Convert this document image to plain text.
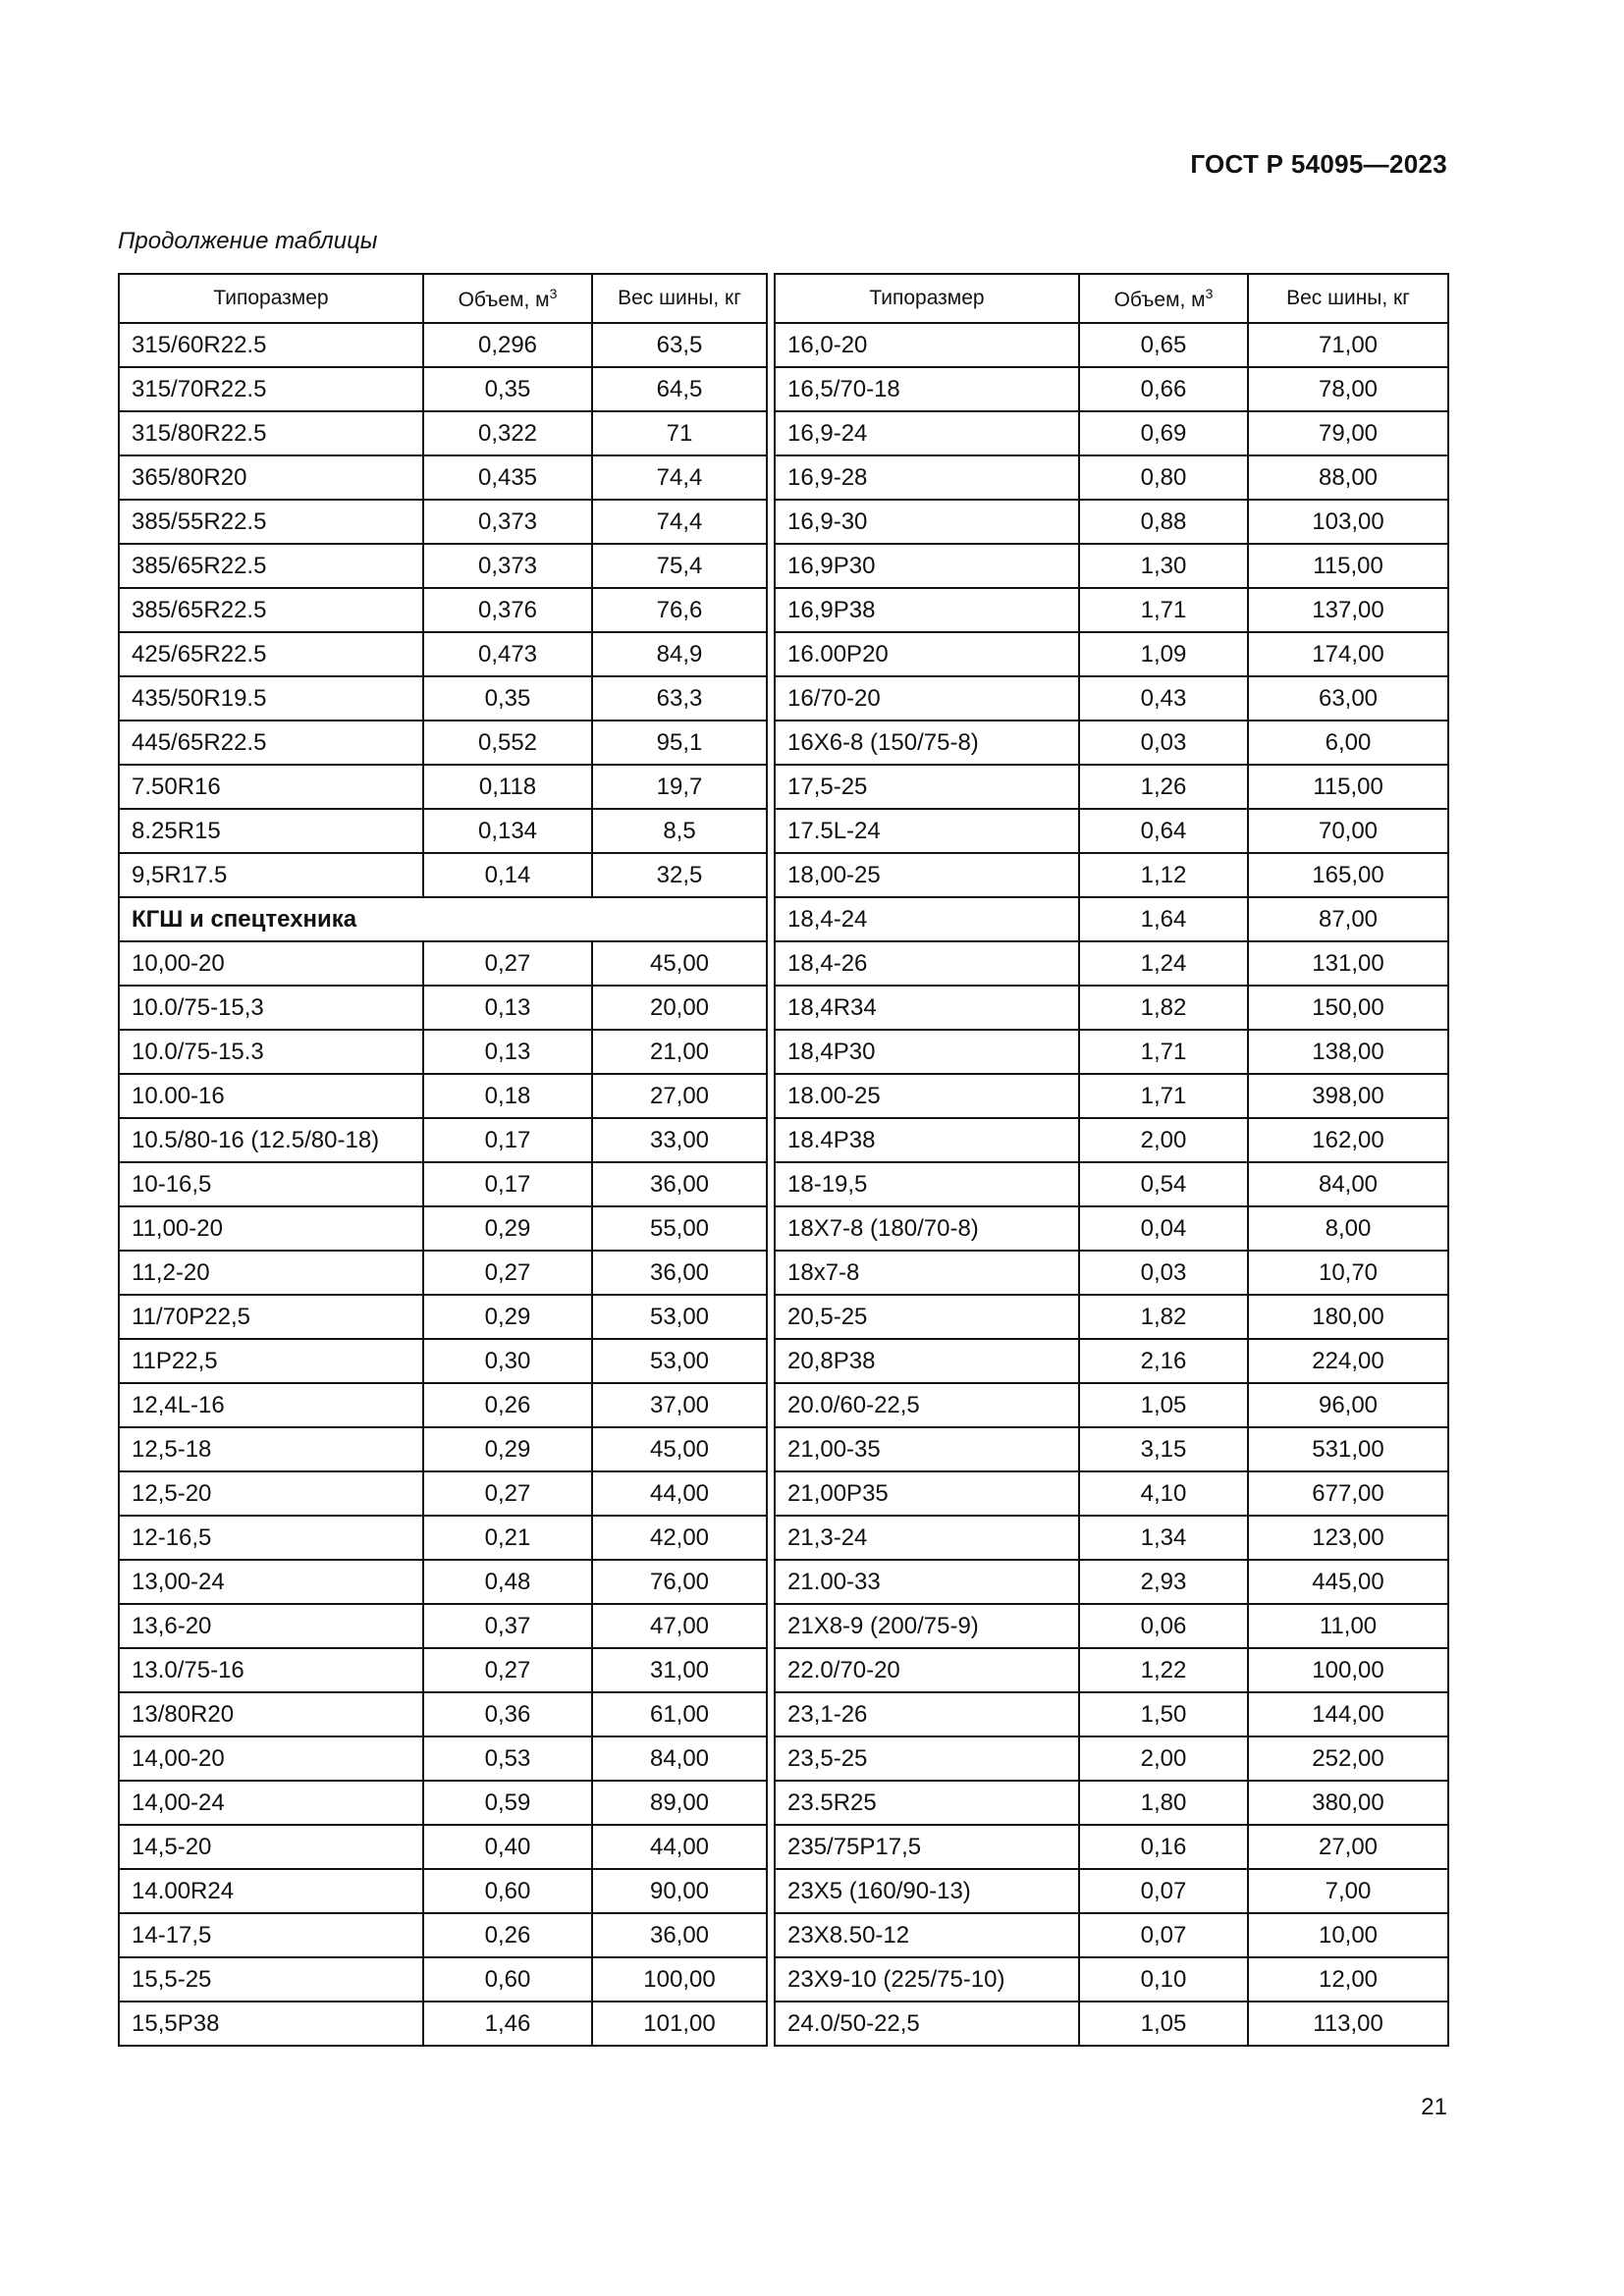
ГОСТ Р 54095—2023
Продолжение таблицы
Типоразмер	Объем, $м^3$	Вес шины, кг
315/60R22.5	0,296	63,5
315/70R22.5	0,35	64,5
315/80R22.5	0,322	71
365/80R20	0,435	74,4
385/55R22.5	0,373	74,4
385/65R22.5	0,373	75,4
385/65R22.5	0,376	76,6
425/65R22.5	0,473	84,9
435/50R19.5	0,35	63,3
445/65R22.5	0,552	95,1
7.50R16	0,118	19,7
8.25R15	0,134	8,5
9,5R17.5	0,14	32,5
КГШ и спецтехника		
10,00-20	0,27	45,00
10.0/75-15,3	0,13	20,00
10.0/75-15.3	0,13	21,00
10.00-16	0,18	27,00
10.5/80-16 (12.5/80-18)	0,17	33,00
10-16,5	0,17	36,00
11,00-20	0,29	55,00
11,2-20	0,27	36,00
11/70Р22,5	0,29	53,00
11Р22,5	0,30	53,00
12,4L-16	0,26	37,00
12,5-18	0,29	45,00
12,5-20	0,27	44,00
12-16,5	0,21	42,00
13,00-24	0,48	76,00
13,6-20	0,37	47,00
13.0/75-16	0,27	31,00
13/80R20	0,36	61,00
14,00-20	0,53	84,00
14,00-24	0,59	89,00
14,5-20	0,40	44,00
14.00R24	0,60	90,00
14-17,5	0,26	36,00
15,5-25	0,60	100,00
15,5Р38	1,46	101,00
Типоразмер	Объем, $м^3$	Вес шины, кг
16,0-20	0,65	71,00
16,5/70-18	0,66	78,00
16,9-24	0,69	79,00
16,9-28	0,80	88,00
16,9-30	0,88	103,00
16,9Р30	1,30	115,00
16,9Р38	1,71	137,00
16.00Р20	1,09	174,00
16/70-20	0,43	63,00
16Х6-8 (150/75-8)	0,03	6,00
17,5-25	1,26	115,00
17.5L-24	0,64	70,00
18,00-25	1,12	165,00
18,4-24	1,64	87,00
18,4-26	1,24	131,00
18,4R34	1,82	150,00
18,4Р30	1,71	138,00
18.00-25	1,71	398,00
18.4Р38	2,00	162,00
18-19,5	0,54	84,00
18Х7-8 (180/70-8)	0,04	8,00
18х7-8	0,03	10,70
20,5-25	1,82	180,00
20,8Р38	2,16	224,00
20.0/60-22,5	1,05	96,00
21,00-35	3,15	531,00
21,00Р35	4,10	677,00
21,3-24	1,34	123,00
21.00-33	2,93	445,00
21Х8-9 (200/75-9)	0,06	11,00
22.0/70-20	1,22	100,00
23,1-26	1,50	144,00
23,5-25	2,00	252,00
23.5R25	1,80	380,00
235/75Р17,5	0,16	27,00
23Х5 (160/90-13)	0,07	7,00
23Х8.50-12	0,07	10,00
23Х9-10 (225/75-10)	0,10	12,00
24.0/50-22,5	1,05	113,00
21
